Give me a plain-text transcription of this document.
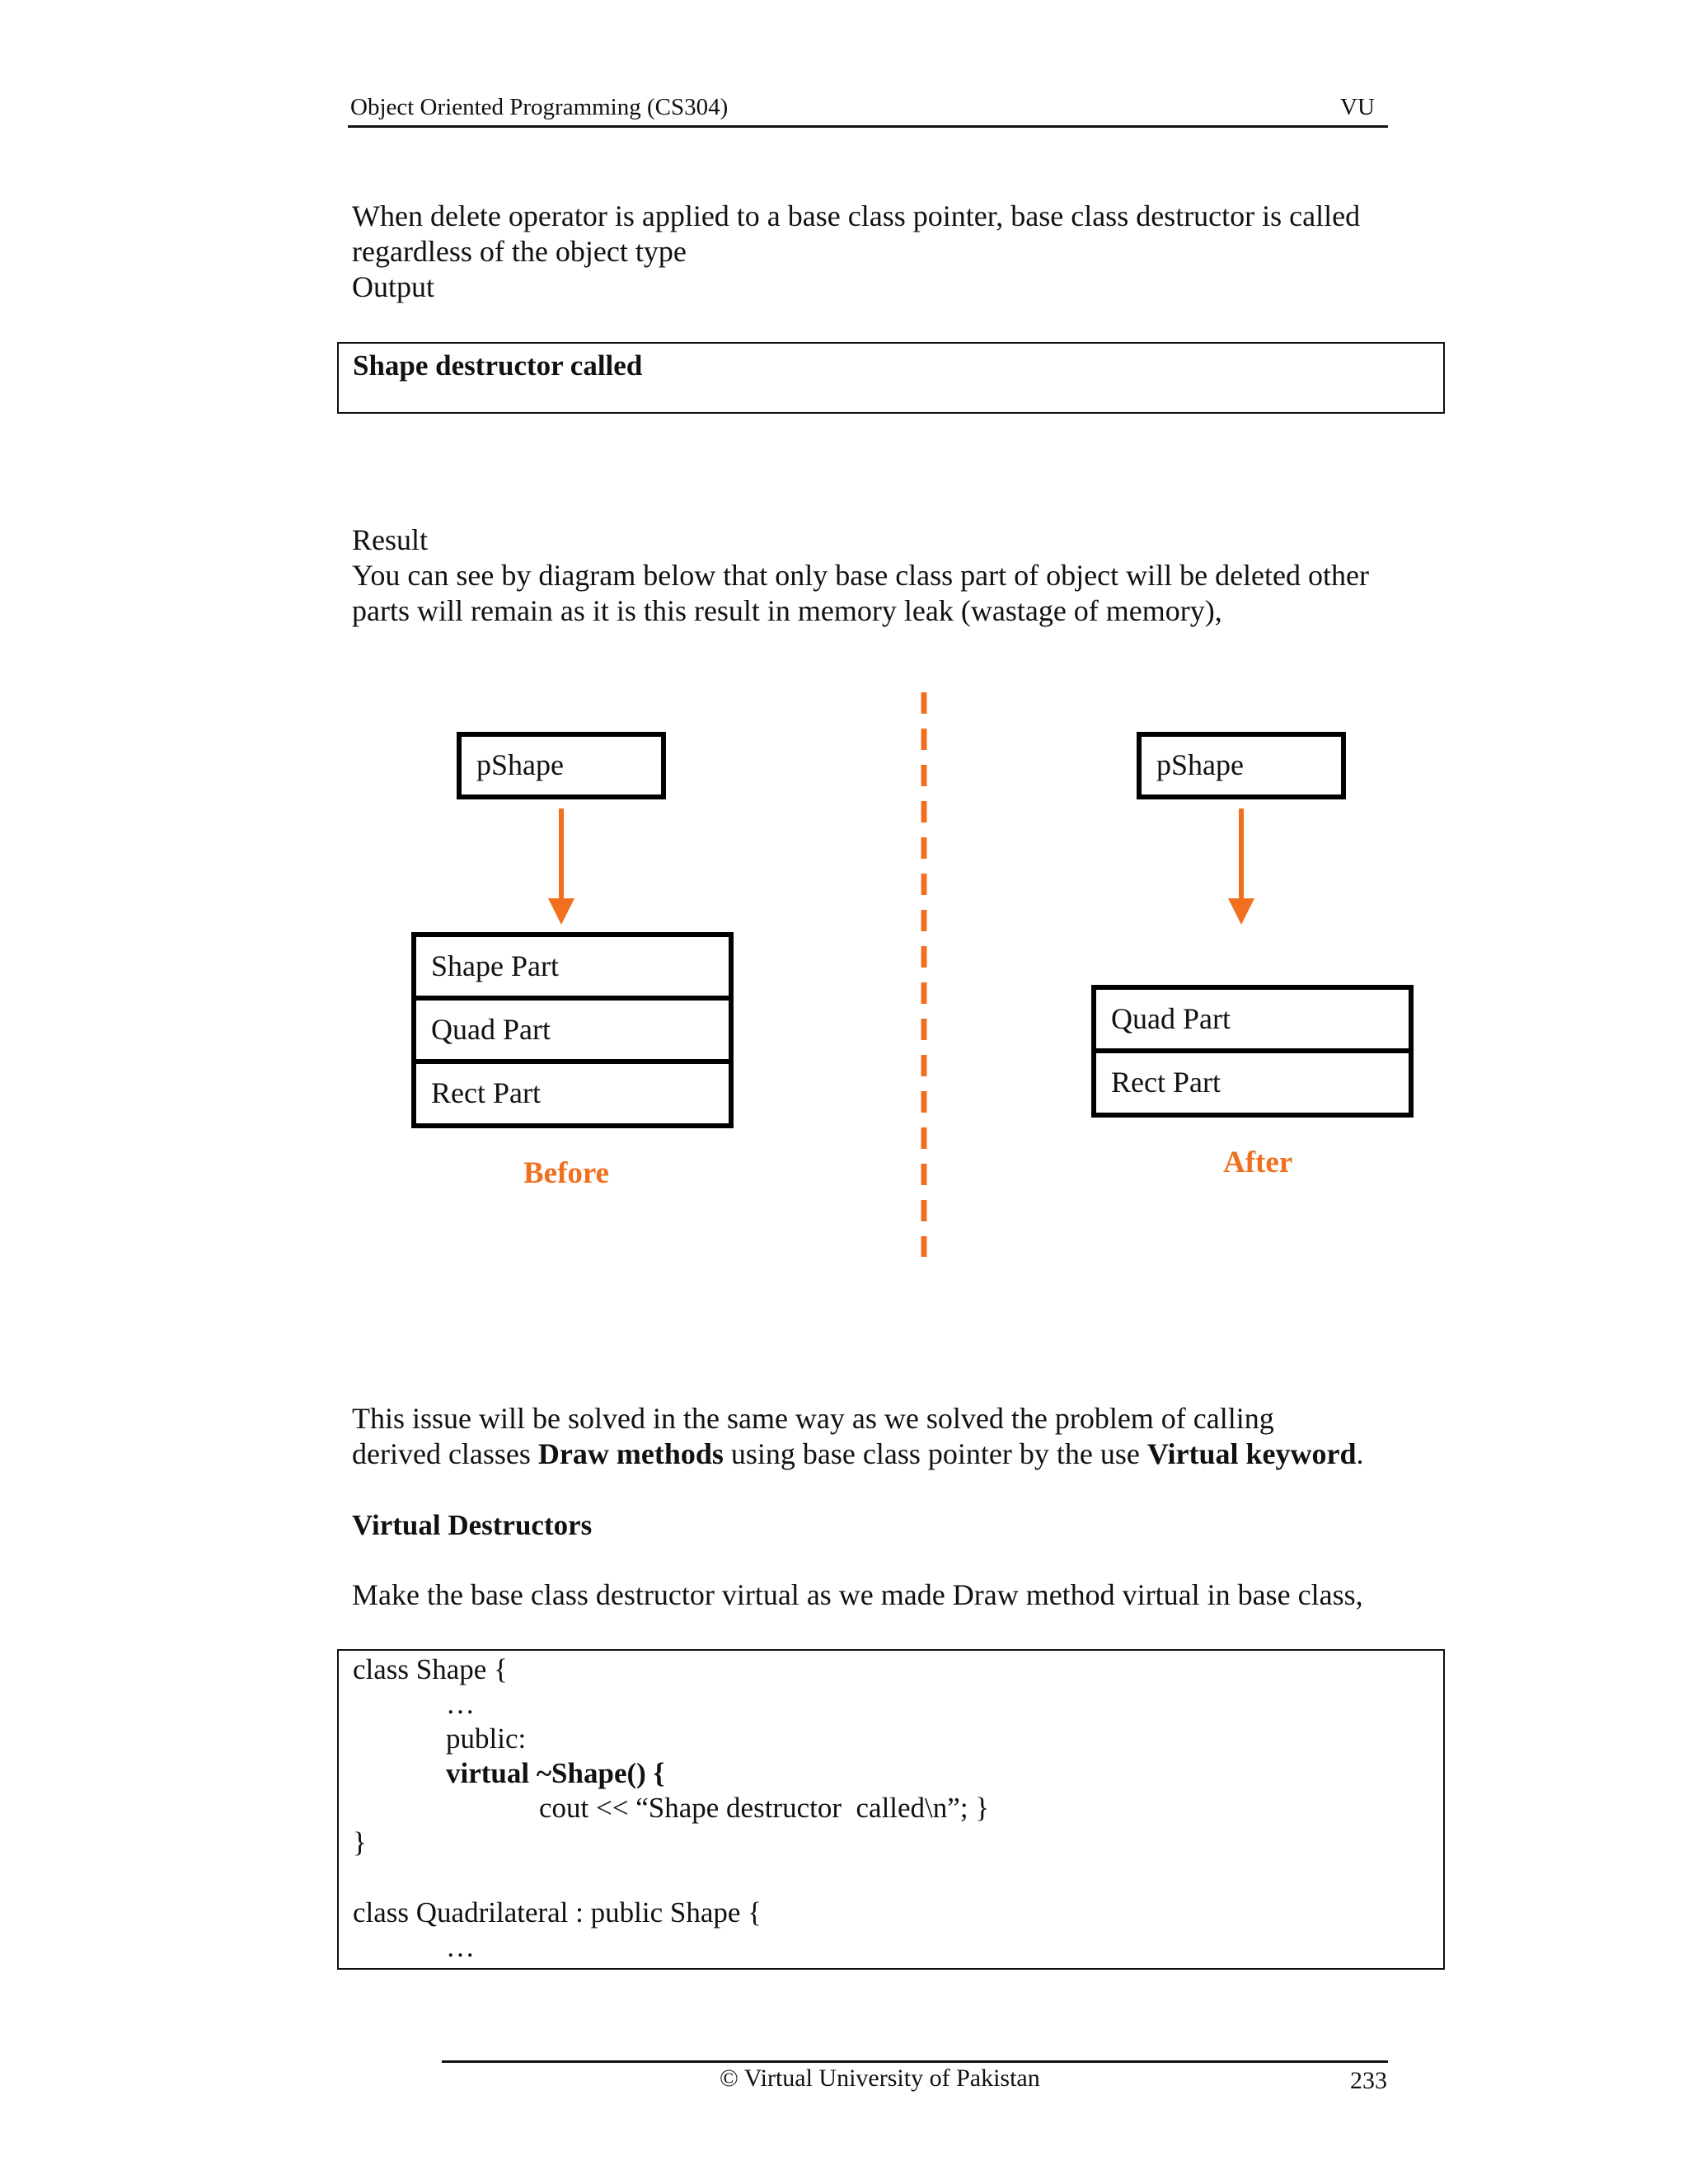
Object Oriented Programming (CS304)	VU
When delete operator is applied to a base class pointer, base class destructor is called
regardless of the object type
Output
Shape destructor called
Result
You can see by diagram below that only base class part of object will be deleted other
parts will remain as it is this result in memory leak (wastage of memory),
pShape
Shape Part
Quad Part
Rect Part
Before
pShape
Quad Part
Rect Part
After
This issue will be solved in the same way as we solved the problem of calling
derived classes Draw methods using base class pointer by the use Virtual keyword.
Virtual Destructors
Make the base class destructor virtual as we made Draw method virtual in base class,
class Shape {
…
public:
virtual ~Shape() {
cout << “Shape destructor  called\n”; }
}
class Quadrilateral : public Shape {
…
© Virtual University of Pakistan	233
